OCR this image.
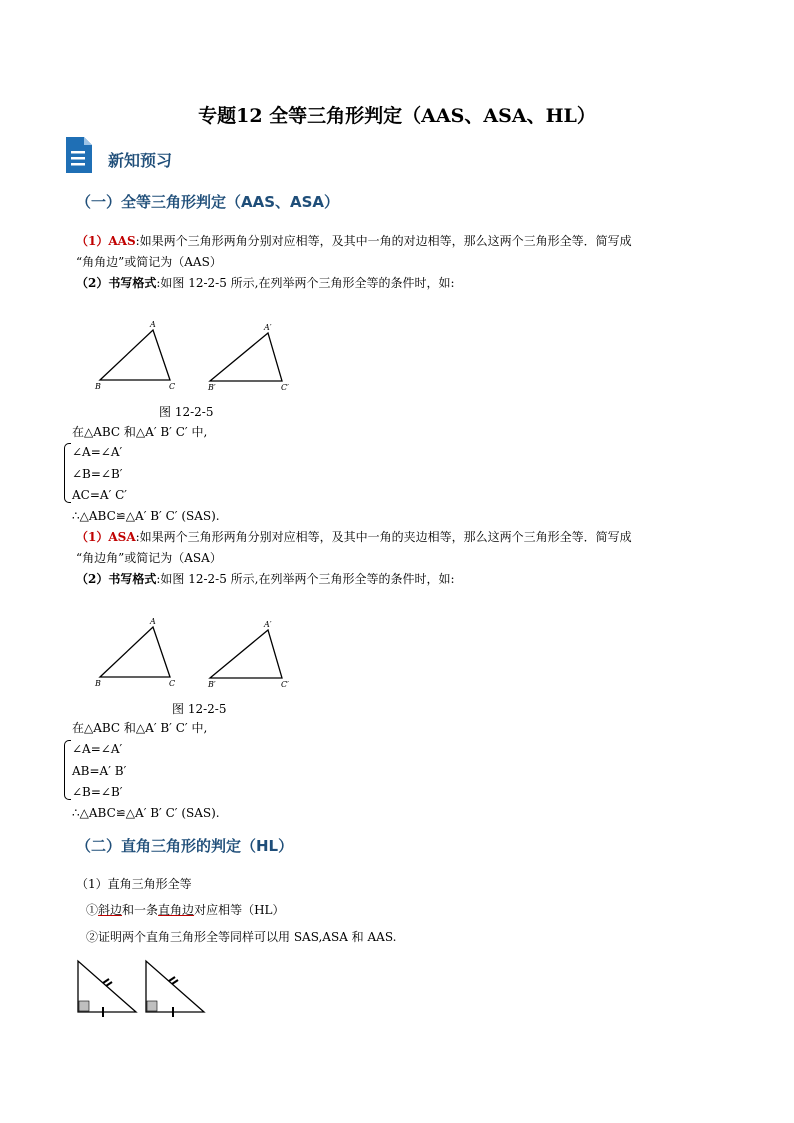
专题12 全等三角形判定（AAS、ASA、HL）
新知预习
（一）全等三角形判定（AAS、ASA）
（1）AAS:如果两个三角形两角分别对应相等，及其中一角的对边相等，那么这两个三角形全等．简写成
“角角边”或简记为（AAS）
（2）书写格式:如图 12-2-5 所示,在列举两个三角形全等的条件时，如:
A
B	C
A′
B′	C′
图 12-2-5
在△ABC 和△A′ B′ C′ 中,
∠A=∠A′
∠B=∠B′
AC=A′ C′
∴△ABC≌△A′ B′ C′ (SAS).
（1）ASA:如果两个三角形两角分别对应相等，及其中一角的夹边相等，那么这两个三角形全等．简写成
“角边角”或简记为（ASA）
（2）书写格式:如图 12-2-5 所示,在列举两个三角形全等的条件时，如:
A
B	C
A′
B′	C′
图 12-2-5
在△ABC 和△A′ B′ C′ 中,
∠A=∠A′
AB=A′ B′
∠B=∠B′
∴△ABC≌△A′ B′ C′ (SAS).
（二）直角三角形的判定（HL）
（1）直角三角形全等
①斜边和一条直角边对应相等（HL）
②证明两个直角三角形全等同样可以用 SAS,ASA 和 AAS.
